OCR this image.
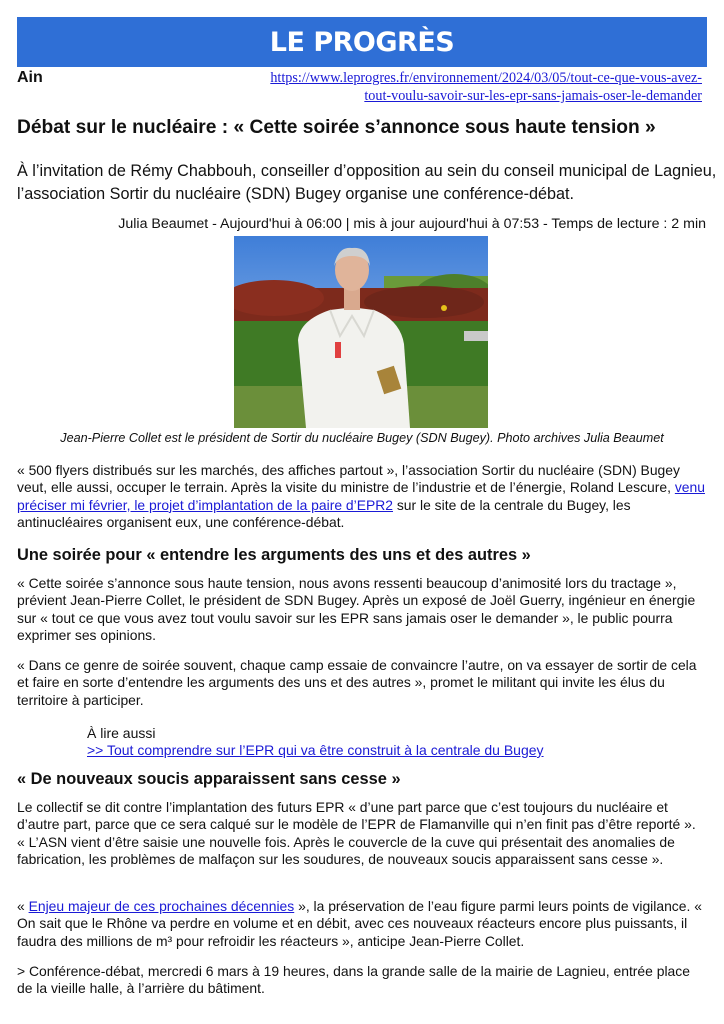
LE PROGRÈS
Ain	https://www.leprogres.fr/environnement/2024/03/05/tout-ce-que-vous-avez-
tout-voulu-savoir-sur-les-epr-sans-jamais-oser-le-demander
Débat sur le nucléaire : « Cette soirée s’annonce sous haute tension »
À l’invitation de Rémy Chabbouh, conseiller d’opposition au sein du conseil municipal de Lagnieu, l’association Sortir du nucléaire (SDN) Bugey organise une conférence-débat.
Julia Beaumet - Aujourd'hui à 06:00 | mis à jour aujourd'hui à 07:53 - Temps de lecture : 2 min
Jean-Pierre Collet est le président de Sortir du nucléaire Bugey (SDN Bugey). Photo archives Julia Beaumet

« 500 flyers distribués sur les marchés, des affiches partout », l’association Sortir du nucléaire (SDN) Bugey veut, elle aussi, occuper le terrain. Après la visite du ministre de l’industrie et de l’énergie, Roland Lescure, venu préciser mi février, le projet d’implantation de la paire d’EPR2 sur le site de la centrale du Bugey, les antinucléaires organisent eux, une conférence-débat.

Une soirée pour « entendre les arguments des uns et des autres »

« Cette soirée s’annonce sous haute tension, nous avons ressenti beaucoup d’animosité lors du tractage », prévient Jean-Pierre Collet, le président de SDN Bugey. Après un exposé de Joël Guerry, ingénieur en énergie sur « tout ce que vous avez tout voulu savoir sur les EPR sans jamais oser le demander », le public pourra exprimer ses opinions.

« Dans ce genre de soirée souvent, chaque camp essaie de convaincre l’autre, on va essayer de sortir de cela et faire en sorte d’entendre les arguments des uns et des autres », promet le militant qui invite les élus du territoire à participer.

À lire aussi
>> Tout comprendre sur l’EPR qui va être construit à la centrale du Bugey
« De nouveaux soucis apparaissent sans cesse »

Le collectif se dit contre l’implantation des futurs EPR « d’une part parce que c’est toujours du nucléaire et d’autre part, parce que ce sera calqué sur le modèle de l’EPR de Flamanville qui n’en finit pas d’être reporté ». « L’ASN vient d’être saisie une nouvelle fois. Après le couvercle de la cuve qui présentait des anomalies de fabrication, les problèmes de malfaçon sur les soudures, de nouveaux soucis apparaissent sans cesse ».

« Enjeu majeur de ces prochaines décennies », la préservation de l’eau figure parmi leurs points de vigilance. « On sait que le Rhône va perdre en volume et en débit, avec ces nouveaux réacteurs encore plus puissants, il faudra des millions de m³ pour refroidir les réacteurs », anticipe Jean-Pierre Collet.

> Conférence-débat, mercredi 6 mars à 19 heures, dans la grande salle de la mairie de Lagnieu, entrée place de la vieille halle, à l’arrière du bâtiment.
